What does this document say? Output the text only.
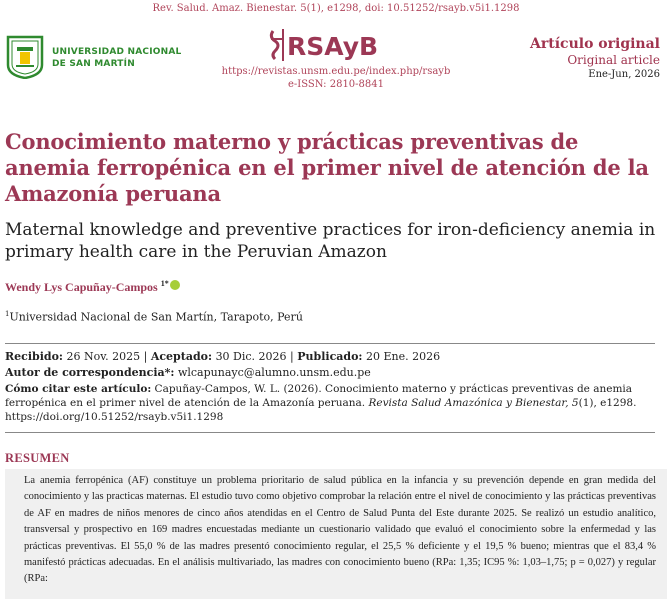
Rev. Salud. Amaz. Bienestar. 5(1), e1298, doi: 10.51252/rsayb.v5i1.1298
UNIVERSIDAD NACIONAL
DE SAN MARTÍN
RSAyB
https://revistas.unsm.edu.pe/index.php/rsayb
e-ISSN: 2810-8841
Artículo original
Original article
Ene-Jun, 2026
Conocimiento materno y prácticas preventivas de anemia ferropénica en el primer nivel de atención de la Amazonía peruana
Maternal knowledge and preventive practices for iron-deficiency anemia in primary health care in the Peruvian Amazon
Wendy Lys Capuñay-Campos $^{1*}$
$^1$Universidad Nacional de San Martín, Tarapoto, Perú
Recibido: 26 Nov. 2025 | Aceptado: 30 Dic. 2026 | Publicado: 20 Ene. 2026
Autor de correspondencia*: wlcapunayc@alumno.unsm.edu.pe
Cómo citar este artículo: Capuñay-Campos, W. L. (2026). Conocimiento materno y prácticas preventivas de anemia ferropénica en el primer nivel de atención de la Amazonía peruana. Revista Salud Amazónica y Bienestar, 5(1), e1298. https://doi.org/10.51252/rsayb.v5i1.1298
RESUMEN
La anemia ferropénica (AF) constituye un problema prioritario de salud pública en la infancia y su prevención depende en gran medida del conocimiento y las practicas maternas. El estudio tuvo como objetivo comprobar la relación entre el nivel de conocimiento y las prácticas preventivas de AF en madres de niños menores de cinco años atendidas en el Centro de Salud Punta del Este durante 2025. Se realizó un estudio analítico, transversal y prospectivo en 169 madres encuestadas mediante un cuestionario validado que evaluó el conocimiento sobre la enfermedad y las prácticas preventivas. El 55,0 % de las madres presentó conocimiento regular, el 25,5 % deficiente y el 19,5 % bueno; mientras que el 83,4 % manifestó prácticas adecuadas. En el análisis multivariado, las madres con conocimiento bueno (RPa: 1,35; IC95 %: 1,03–1,75; p = 0,027) y regular (RPa:
